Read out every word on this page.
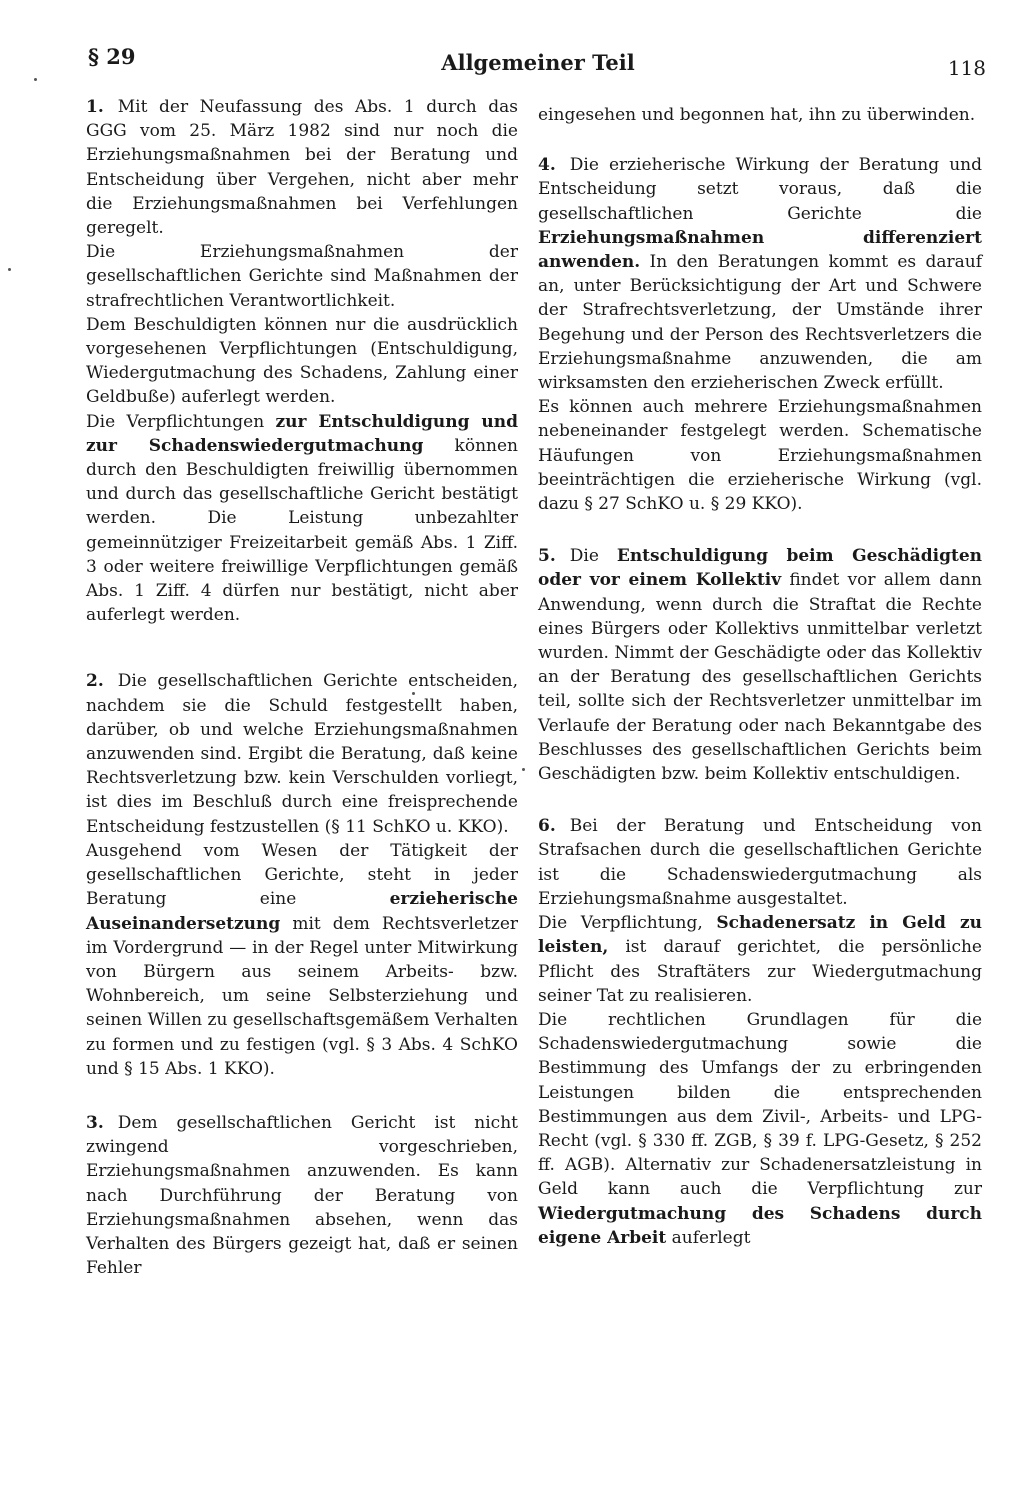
§ 29	Allgemeiner Teil	118

1. Mit der Neufassung des Abs. 1 durch das GGG vom 25. März 1982 sind nur noch die Erziehungsmaßnahmen bei der Beratung und Entscheidung über Vergehen, nicht aber mehr die Erziehungsmaßnahmen bei Verfehlungen geregelt.

Die Erziehungsmaßnahmen der gesellschaftlichen Gerichte sind Maßnahmen der strafrechtlichen Verantwortlichkeit.

Dem Beschuldigten können nur die ausdrücklich vorgesehenen Verpflichtungen (Entschuldigung, Wiedergutmachung des Schadens, Zahlung einer Geldbuße) auferlegt werden.

Die Verpflichtungen zur Entschuldigung und zur Schadenswiedergutmachung können durch den Beschuldigten freiwillig übernommen und durch das gesellschaftliche Gericht bestätigt werden. Die Leistung unbezahlter gemeinnütziger Freizeitarbeit gemäß Abs. 1 Ziff. 3 oder weitere freiwillige Verpflichtungen gemäß Abs. 1 Ziff. 4 dürfen nur bestätigt, nicht aber auferlegt werden.

2. Die gesellschaftlichen Gerichte entscheiden, nachdem sie die Schuld festgestellt haben, darüber, ob und welche Erziehungsmaßnahmen anzuwenden sind. Ergibt die Beratung, daß keine Rechtsverletzung bzw. kein Verschulden vorliegt, ist dies im Beschluß durch eine freisprechende Entscheidung festzustellen (§ 11 SchKO u. KKO).

Ausgehend vom Wesen der Tätigkeit der gesellschaftlichen Gerichte, steht in jeder Beratung eine erzieherische Auseinandersetzung mit dem Rechtsverletzer im Vordergrund — in der Regel unter Mitwirkung von Bürgern aus seinem Arbeits- bzw. Wohnbereich, um seine Selbsterziehung und seinen Willen zu gesellschaftsgemäßem Verhalten zu formen und zu festigen (vgl. § 3 Abs. 4 SchKO und § 15 Abs. 1 KKO).

3. Dem gesellschaftlichen Gericht ist nicht zwingend vorgeschrieben, Erziehungsmaßnahmen anzuwenden. Es kann nach Durchführung der Beratung von Erziehungsmaßnahmen absehen, wenn das Verhalten des Bürgers gezeigt hat, daß er seinen Fehler

eingesehen und begonnen hat, ihn zu überwinden.

4. Die erzieherische Wirkung der Beratung und Entscheidung setzt voraus, daß die gesellschaftlichen Gerichte die Erziehungsmaßnahmen differenziert anwenden. In den Beratungen kommt es darauf an, unter Berücksichtigung der Art und Schwere der Strafrechtsverletzung, der Umstände ihrer Begehung und der Person des Rechtsverletzers die Erziehungsmaßnahme anzuwenden, die am wirksamsten den erzieherischen Zweck erfüllt.

Es können auch mehrere Erziehungsmaßnahmen nebeneinander festgelegt werden. Schematische Häufungen von Erziehungsmaßnahmen beeinträchtigen die erzieherische Wirkung (vgl. dazu § 27 SchKO u. § 29 KKO).

5. Die Entschuldigung beim Geschädigten oder vor einem Kollektiv findet vor allem dann Anwendung, wenn durch die Straftat die Rechte eines Bürgers oder Kollektivs unmittelbar verletzt wurden. Nimmt der Geschädigte oder das Kollektiv an der Beratung des gesellschaftlichen Gerichts teil, sollte sich der Rechtsverletzer unmittelbar im Verlaufe der Beratung oder nach Bekanntgabe des Beschlusses des gesellschaftlichen Gerichts beim Geschädigten bzw. beim Kollektiv entschuldigen.

6. Bei der Beratung und Entscheidung von Strafsachen durch die gesellschaftlichen Gerichte ist die Schadenswiedergutmachung als Erziehungsmaßnahme ausgestaltet.

Die Verpflichtung, Schadenersatz in Geld zu leisten, ist darauf gerichtet, die persönliche Pflicht des Straftäters zur Wiedergutmachung seiner Tat zu realisieren.

Die rechtlichen Grundlagen für die Schadenswiedergutmachung sowie die Bestimmung des Umfangs der zu erbringenden Leistungen bilden die entsprechenden Bestimmungen aus dem Zivil-, Arbeits- und LPG-Recht (vgl. § 330 ff. ZGB, § 39 f. LPG-Gesetz, § 252 ff. AGB). Alternativ zur Schadenersatzleistung in Geld kann auch die Verpflichtung zur Wiedergutmachung des Schadens durch eigene Arbeit auferlegt
